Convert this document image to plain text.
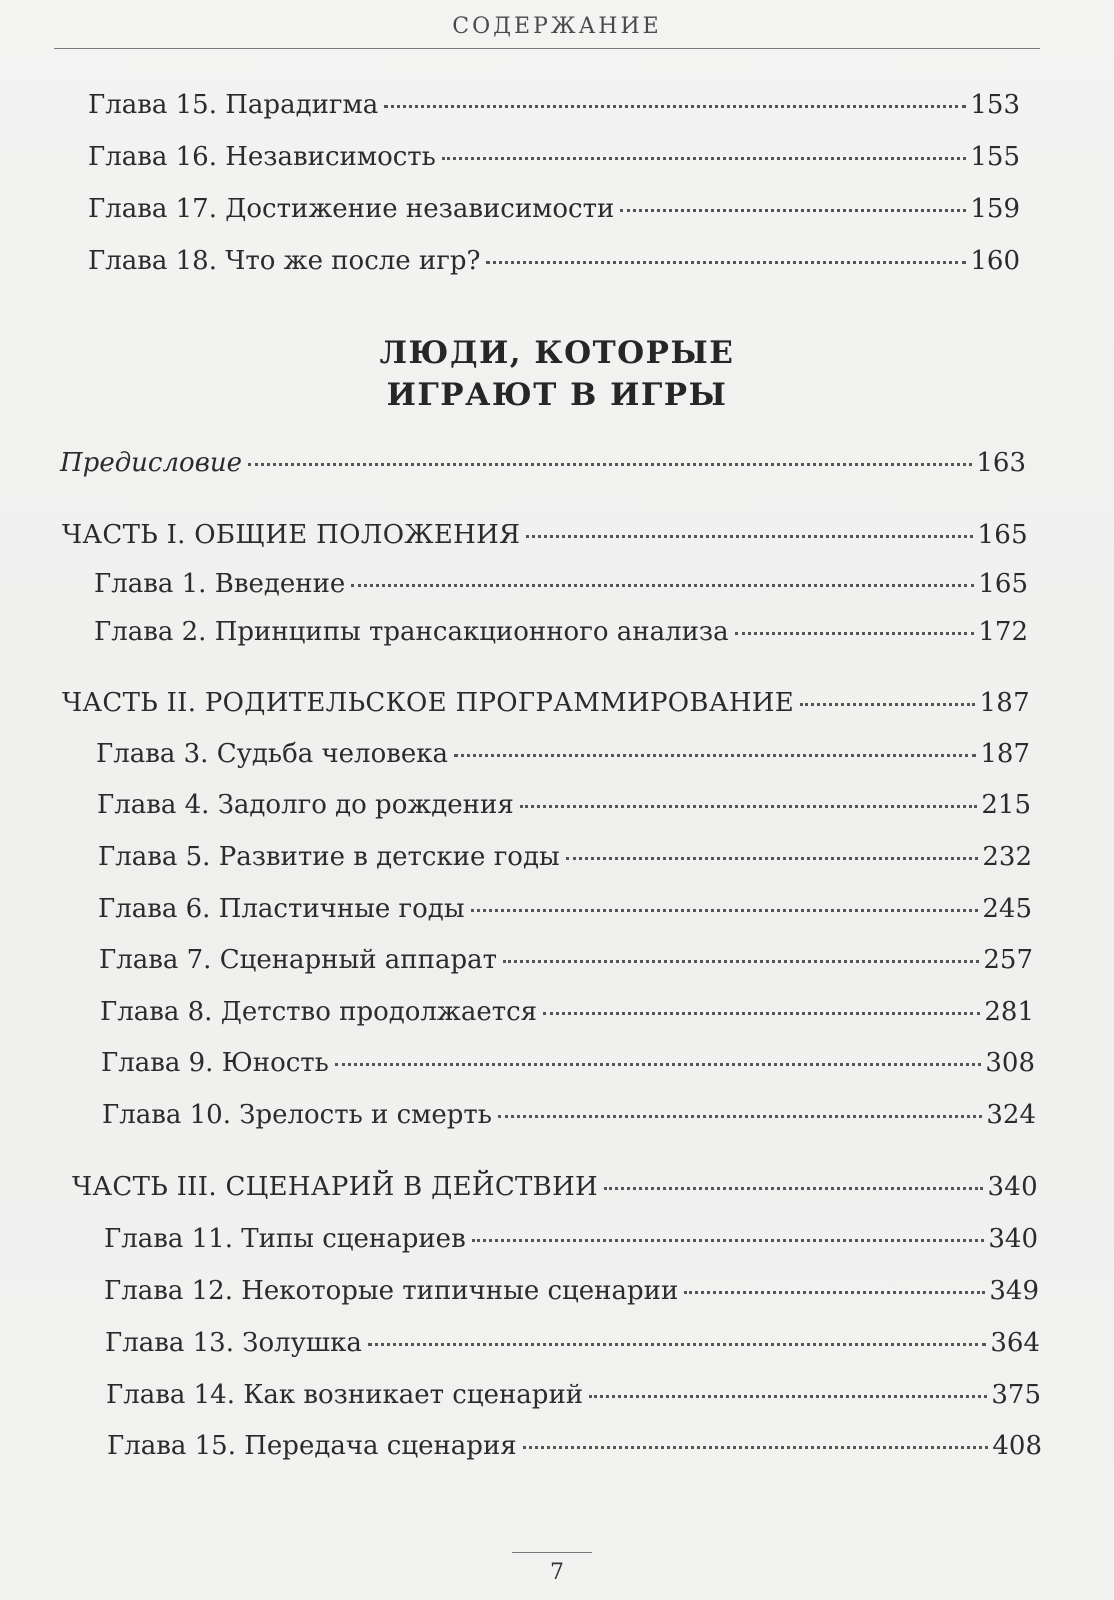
СОДЕРЖАНИЕ
Глава 15. Парадигма	153
Глава 16. Независимость	155
Глава 17. Достижение независимости	159
Глава 18. Что же после игр?	160
ЛЮДИ, КОТОРЫЕ
ИГРАЮТ В ИГРЫ
Предисловие	163
ЧАСТЬ I. ОБЩИЕ ПОЛОЖЕНИЯ	165
Глава 1. Введение	165
Глава 2. Принципы трансакционного анализа	172
ЧАСТЬ II. РОДИТЕЛЬСКОЕ ПРОГРАММИРОВАНИЕ	187
Глава 3. Судьба человека	187
Глава 4. Задолго до рождения	215
Глава 5. Развитие в детские годы	232
Глава 6. Пластичные годы	245
Глава 7. Сценарный аппарат	257
Глава 8. Детство продолжается	281
Глава 9. Юность	308
Глава 10. Зрелость и смерть	324
ЧАСТЬ III. СЦЕНАРИЙ В ДЕЙСТВИИ	340
Глава 11. Типы сценариев	340
Глава 12. Некоторые типичные сценарии	349
Глава 13. Золушка	364
Глава 14. Как возникает сценарий	375
Глава 15. Передача сценария	408
7
